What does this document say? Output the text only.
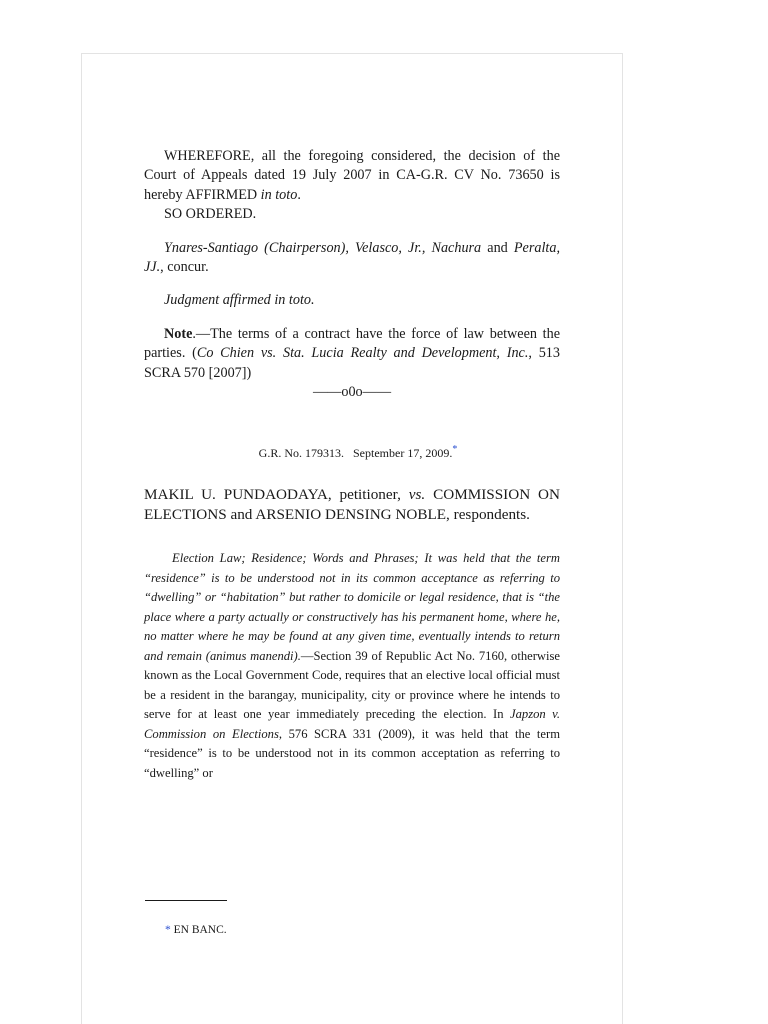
WHEREFORE, all the foregoing considered, the decision of the Court of Appeals dated 19 July 2007 in CA-G.R. CV No. 73650 is hereby AFFIRMED in toto.

SO ORDERED.

Ynares-Santiago (Chairperson), Velasco, Jr., Nachura and Peralta, JJ., concur.

Judgment affirmed in toto.

Note.—The terms of a contract have the force of law between the parties. (Co Chien vs. Sta. Lucia Realty and Development, Inc., 513 SCRA 570 [2007])

——o0o——

G.R. No. 179313. September 17, 2009.*

MAKIL U. PUNDAODAYA, petitioner, vs. COMMISSION ON ELECTIONS and ARSENIO DENSING NOBLE, respondents.

Election Law; Residence; Words and Phrases; It was held that the term “residence” is to be understood not in its common acceptance as referring to “dwelling” or “habitation” but rather to domicile or legal residence, that is “the place where a party actually or constructively has his permanent home, where he, no matter where he may be found at any given time, eventually intends to return and remain (animus manendi).—Section 39 of Republic Act No. 7160, otherwise known as the Local Government Code, requires that an elective local official must be a resident in the barangay, municipality, city or province where he intends to serve for at least one year immediately preceding the election. In Japzon v. Commission on Elections, 576 SCRA 331 (2009), it was held that the term “residence” is to be understood not in its common acceptation as referring to “dwelling” or

* EN BANC.
